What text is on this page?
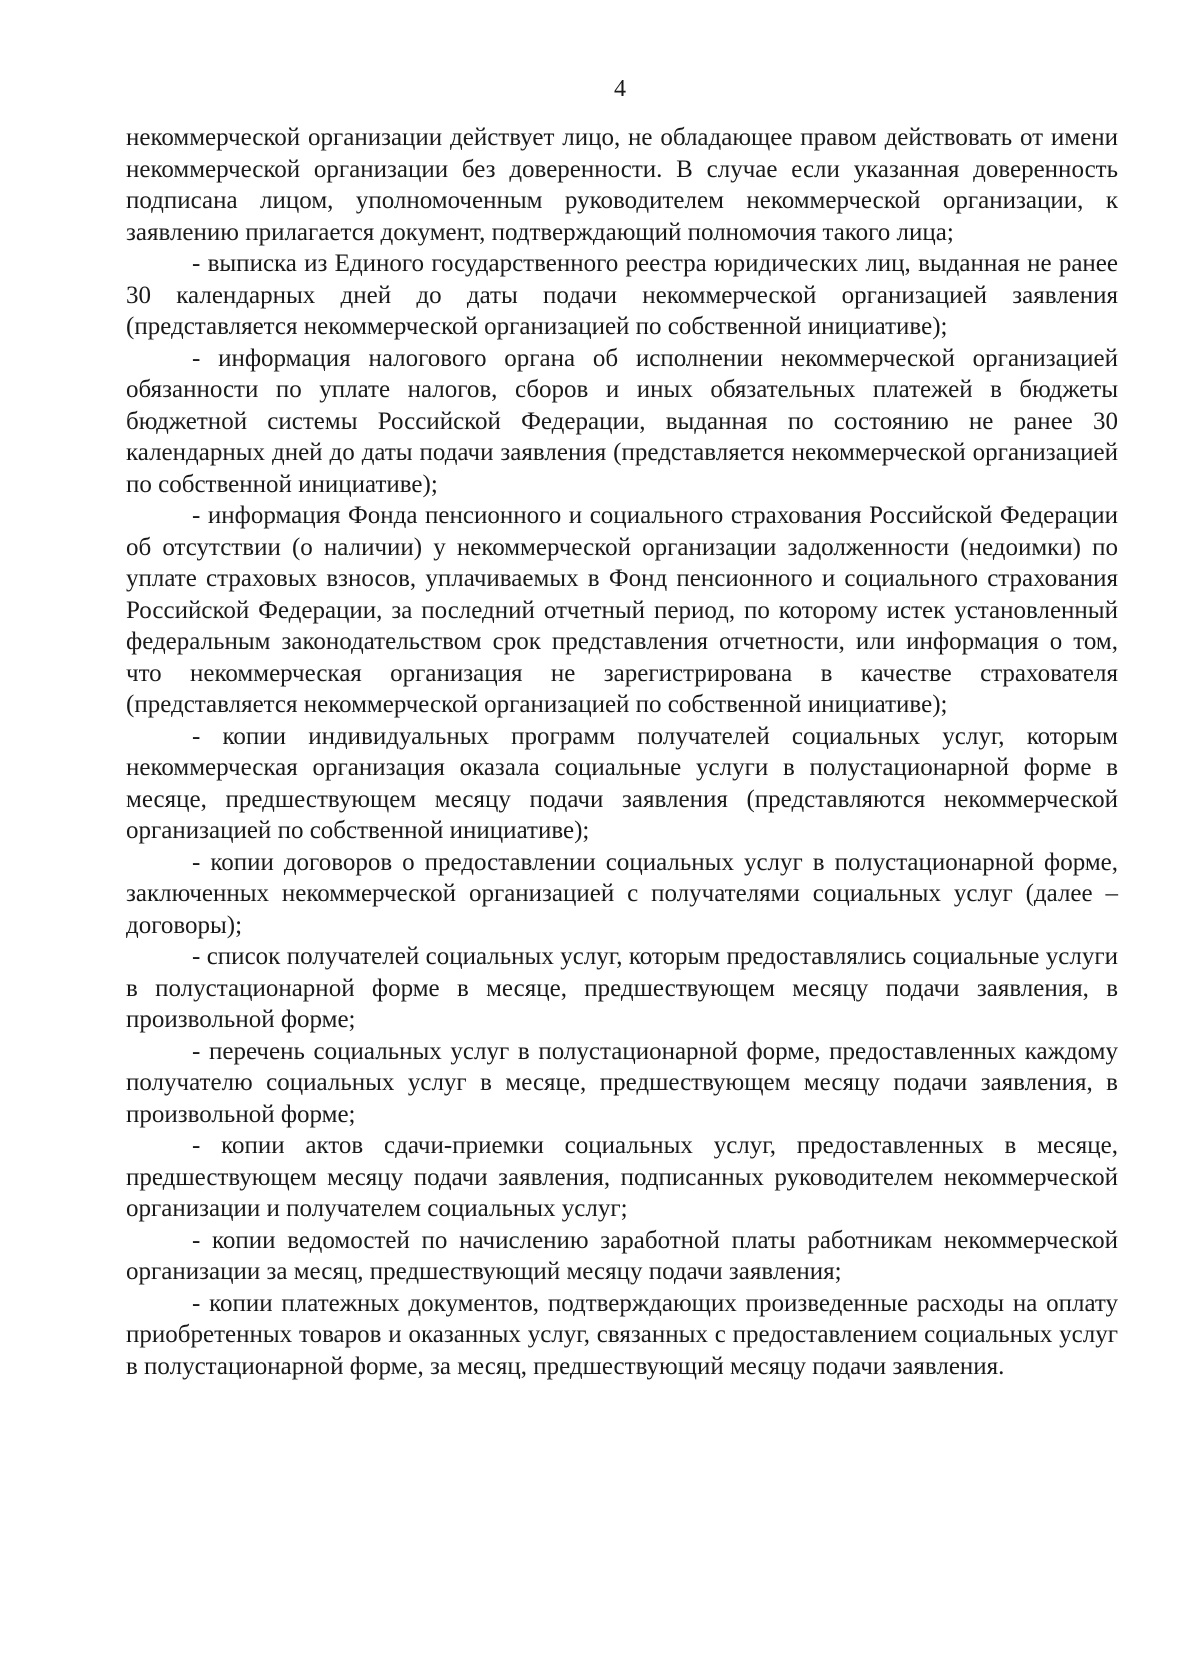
4

некоммерческой организации действует лицо, не обладающее правом действовать от имени некоммерческой организации без доверенности. В случае если указанная доверенность подписана лицом, уполномоченным руководителем некоммерческой организации, к заявлению прилагается документ, подтверждающий полномочия такого лица;

- выписка из Единого государственного реестра юридических лиц, выданная не ранее 30 календарных дней до даты подачи некоммерческой организацией заявления (представляется некоммерческой организацией по собственной инициативе);

- информация налогового органа об исполнении некоммерческой организацией обязанности по уплате налогов, сборов и иных обязательных платежей в бюджеты бюджетной системы Российской Федерации, выданная по состоянию не ранее 30 календарных дней до даты подачи заявления (представляется некоммерческой организацией по собственной инициативе);

- информация Фонда пенсионного и социального страхования Российской Федерации об отсутствии (о наличии) у некоммерческой организации задолженности (недоимки) по уплате страховых взносов, уплачиваемых в Фонд пенсионного и социального страхования Российской Федерации, за последний отчетный период, по которому истек установленный федеральным законодательством срок представления отчетности, или информация о том, что некоммерческая организация не зарегистрирована в качестве страхователя (представляется некоммерческой организацией по собственной инициативе);

- копии индивидуальных программ получателей социальных услуг, которым некоммерческая организация оказала социальные услуги в полустационарной форме в месяце, предшествующем месяцу подачи заявления (представляются некоммерческой организацией по собственной инициативе);

- копии договоров о предоставлении социальных услуг в полустационарной форме, заключенных некоммерческой организацией с получателями социальных услуг (далее – договоры);

- список получателей социальных услуг, которым предоставлялись социальные услуги в полустационарной форме в месяце, предшествующем месяцу подачи заявления, в произвольной форме;

- перечень социальных услуг в полустационарной форме, предоставленных каждому получателю социальных услуг в месяце, предшествующем месяцу подачи заявления, в произвольной форме;

- копии актов сдачи-приемки социальных услуг, предоставленных в месяце, предшествующем месяцу подачи заявления, подписанных руководителем некоммерческой организации и получателем социальных услуг;

- копии ведомостей по начислению заработной платы работникам некоммерческой организации за месяц, предшествующий месяцу подачи заявления;

- копии платежных документов, подтверждающих произведенные расходы на оплату приобретенных товаров и оказанных услуг, связанных с предоставлением социальных услуг в полустационарной форме, за месяц, предшествующий месяцу подачи заявления.
